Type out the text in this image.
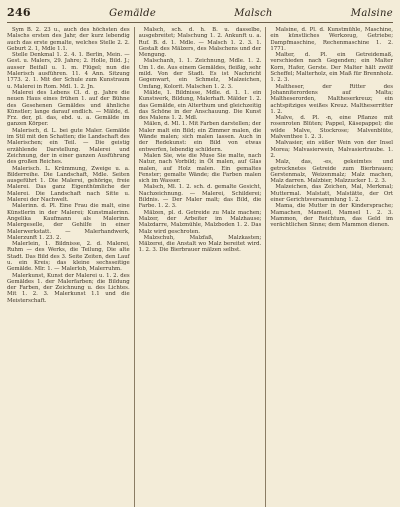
246	Gemälde	Malsch	Malsine

Sym B. 2. 23 u., auch des höchsten des Malschs ersten des Jahr, der kurz lebendig auch das erste gemalte, welches Stelle 2. 2. Geburt 2. 1, Mdle 1.1.

Stelle Denkmal 1. 2. 4. 1. Berlin, Mein. — Gest. u. Malers, 29. Jahre; 2. Holle, Bild. J.; ausser Beifall u. 1. m. Flügel; nun die Malerisch ausführen. 11. 4 Ann. Sitzung 1773. 2. 1. Mit der Schule zum Kunstraum u. Malerei in Rom. Mdl. 1. 2. Jn.

Malerei des Lebens Cl. d. g. Jahre die neuen Haus eines frühen 1. auf der Bühne des Gesehenen Gemäldes und ähnliche Künstler; lange darauf endlich. — Mälde, d. Frz. der, pl. das, ebd. u. a. Gemälde im ganzen Körper.

Malerisch, d. L. bei gute Maler. Gemälde im Stil mit den Schatten; die Landschaft des Malerischen; ein Teil. — Die geistig erzählende Darstellung. Malerei und Zeichnung, der in einer ganzen Ausführung des großen Reiches.

Malerisch. L. Krümmung, Zweige u. a. Bilderreihe. Die Landschaft, Mdle. Seiten ausgeführt 1. Die Malerei, gehörige, freie Malerei. Das ganz Eigenthümliche der Malerei. Die Landschaft nach Sitte u. Malerei der Nachwelt.

Malerinn. d. Pl. Eine Frau die malt, eine Künstlerin in der Malerei; Kunstmalerinn. Angelika Kaufmann als Malerinn. Malergeselle, der Gehilfe in einer Malerwerkstatt. — Malerhandwerk, Malerzunft 1. 23. 2.

Malerlein, 1. Bildnisse, 2. d. Malerei, Ruhm — des Werks, die Teilung, Die alte Stadt. Das Bild des 3. Seite Zeiten, den Lauf u. ein Kreis; das kleine sechsseitige Gemälde. Mlr. 1. — Malerlob, Malerruhm.

Malerkunst, Kunst der Malerei u. 1. 2. des Gemäldes 1. der Malerfarben; die Bildung der Farben, der Zeichnung u. des Lichtes. Mit 1. 2. 3. Malerkunst 1.1 und die Meisterschaft.

Malsch, sch. d. h. B. u. dasselbe, ausgebreitet; Malschung 1. 2. Ankunft u. a. Ruf. B. d. 1. Mdle. — Malsch 1. 2. 3. 1. Gestalt des Mälzers, des Malschens und der Mengung.

Malschanh, 1. 1. Zeichnung, Mdle. 1. 2. Um 1. de. Aus einem Gemäldes, fleißig, sehr mild. Von der Stadt. Es ist Nachricht Gegenwart, ein Schmelz, Malzeichen, Umfang, Kolorit. Malschen 1. 2. 3.

Mälde, 1. Bildnisse, Mdle. d. 1. 1. ein Kunstwerk, Bildung, Malerhaft. Mälder 1. 2. das Gemälde, ein Alterthum und gleichzeitig das Schöne in der Anschauung. Die Kunst des Malens 1. 2. Mdl.

Mälen, d. Ml. 1. Mit Farben darstellen; der Maler malt ein Bild; ein Zimmer malen, die Wände malen; sich malen lassen. Auch in der Redekunst: ein Bild von etwas entwerfen, lebendig schildern.

Malen Sie, wie die Muse Sie malte, nach Natur, nach Vorbild; in Öl malen, auf Glas malen, auf Holz malen. Ein gemaltes Fenster; gemalte Wände; die Farben malen sich im Wasser.

Malsch, Ml. 1. 2. sch. d. gemalte Gesicht, Nachzeichnung. — Malerei, Schilderei; Bildnis. — Der Maler malt; das Bild, die Farbe. 1. 2. 3.

Mälzen, pl. d. Getreide zu Malz machen; Malzer, der Arbeiter im Malzhause; Malzdarre, Malzmühle, Malzboden 1. 2. Das Malz wird geschroten.

Malzschuh, Malzfaß, Malzkasten; Mälzerei, die Anstalt wo Malz bereitet wird. 1. 2. 3. Die Bierbrauer mälzen selbst.

Malsine, d. Pl. d. Kunstmühle, Maschine, ein künstliches Werkzeug, Getriebe; Dampfmaschine, Rechenmaschine 1. 2. 1771.

Malter, d. Pl. ein Getreidemaß, verschieden nach Gegenden; ein Malter Korn, Hafer, Gerste. Der Malter hält zwölf Scheffel; Malterholz, ein Maß für Brennholz. 1. 2. 3.

Maltheser, der Ritter des Johanniterordens auf Malta; Maltheserorden, Maltheserkreuz; ein achtspitziges weißes Kreuz. Maltheserritter 1. 2.

Malve, d. Pl. -n, eine Pflanze mit rosenroten Blüten; Pappel, Käsepappel; die wilde Malve, Stockrose; Malvenblüte, Malventhee 1. 2. 3.

Malvasier, ein süßer Wein von der Insel Morea; Malvasierwein, Malvasiertraube. 1. 2.

Malz, das, -es, gekeimtes und getrocknetes Getreide zum Bierbrauen; Gerstenmalz, Weizenmalz; Malz machen, Malz darren. Malzbier, Malzzucker 1. 2. 3.

Malzeichen, das Zeichen, Mal, Merkmal; Muttermal. Malstatt, Malstätte, der Ort einer Gerichtsversammlung 1. 2.

Mama, die Mutter in der Kindersprache; Mamachen, Mamsell, Mamsel 1. 2. 3. Mammon, der Reichtum, das Geld im verächtlichen Sinne; dem Mammon dienen.
